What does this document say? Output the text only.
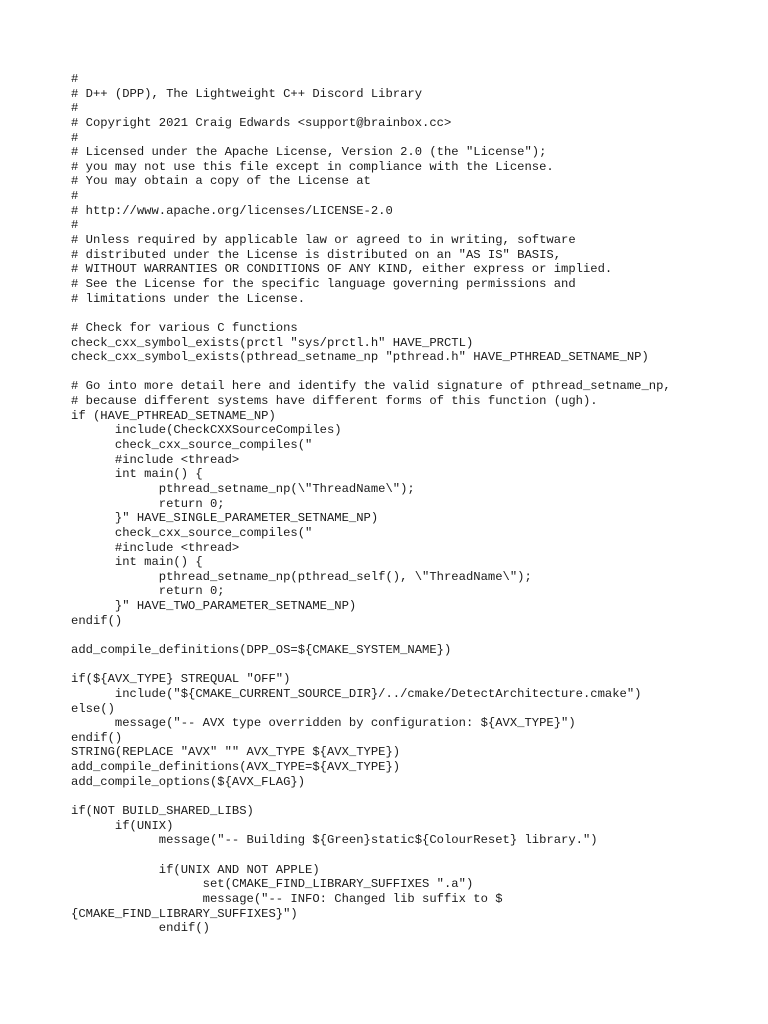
#
# D++ (DPP), The Lightweight C++ Discord Library
#
# Copyright 2021 Craig Edwards <support@brainbox.cc>
#
# Licensed under the Apache License, Version 2.0 (the "License");
# you may not use this file except in compliance with the License.
# You may obtain a copy of the License at
#
# http://www.apache.org/licenses/LICENSE-2.0
#
# Unless required by applicable law or agreed to in writing, software
# distributed under the License is distributed on an "AS IS" BASIS,
# WITHOUT WARRANTIES OR CONDITIONS OF ANY KIND, either express or implied.
# See the License for the specific language governing permissions and
# limitations under the License.
# Check for various C functions
check_cxx_symbol_exists(prctl "sys/prctl.h" HAVE_PRCTL)
check_cxx_symbol_exists(pthread_setname_np "pthread.h" HAVE_PTHREAD_SETNAME_NP)
# Go into more detail here and identify the valid signature of pthread_setname_np,
# because different systems have different forms of this function (ugh).
if (HAVE_PTHREAD_SETNAME_NP)
include(CheckCXXSourceCompiles)
check_cxx_source_compiles("
#include <thread>
int main() {
pthread_setname_np(\"ThreadName\");
return 0;
}" HAVE_SINGLE_PARAMETER_SETNAME_NP)
check_cxx_source_compiles("
#include <thread>
int main() {
pthread_setname_np(pthread_self(), \"ThreadName\");
return 0;
}" HAVE_TWO_PARAMETER_SETNAME_NP)
endif()
add_compile_definitions(DPP_OS=${CMAKE_SYSTEM_NAME})
if(${AVX_TYPE} STREQUAL "OFF")
include("${CMAKE_CURRENT_SOURCE_DIR}/../cmake/DetectArchitecture.cmake")
else()
message("-- AVX type overridden by configuration: ${AVX_TYPE}")
endif()
STRING(REPLACE "AVX" "" AVX_TYPE ${AVX_TYPE})
add_compile_definitions(AVX_TYPE=${AVX_TYPE})
add_compile_options(${AVX_FLAG})
if(NOT BUILD_SHARED_LIBS)
if(UNIX)
message("-- Building ${Green}static${ColourReset} library.")
if(UNIX AND NOT APPLE)
set(CMAKE_FIND_LIBRARY_SUFFIXES ".a")
message("-- INFO: Changed lib suffix to $
{CMAKE_FIND_LIBRARY_SUFFIXES}")
endif()
